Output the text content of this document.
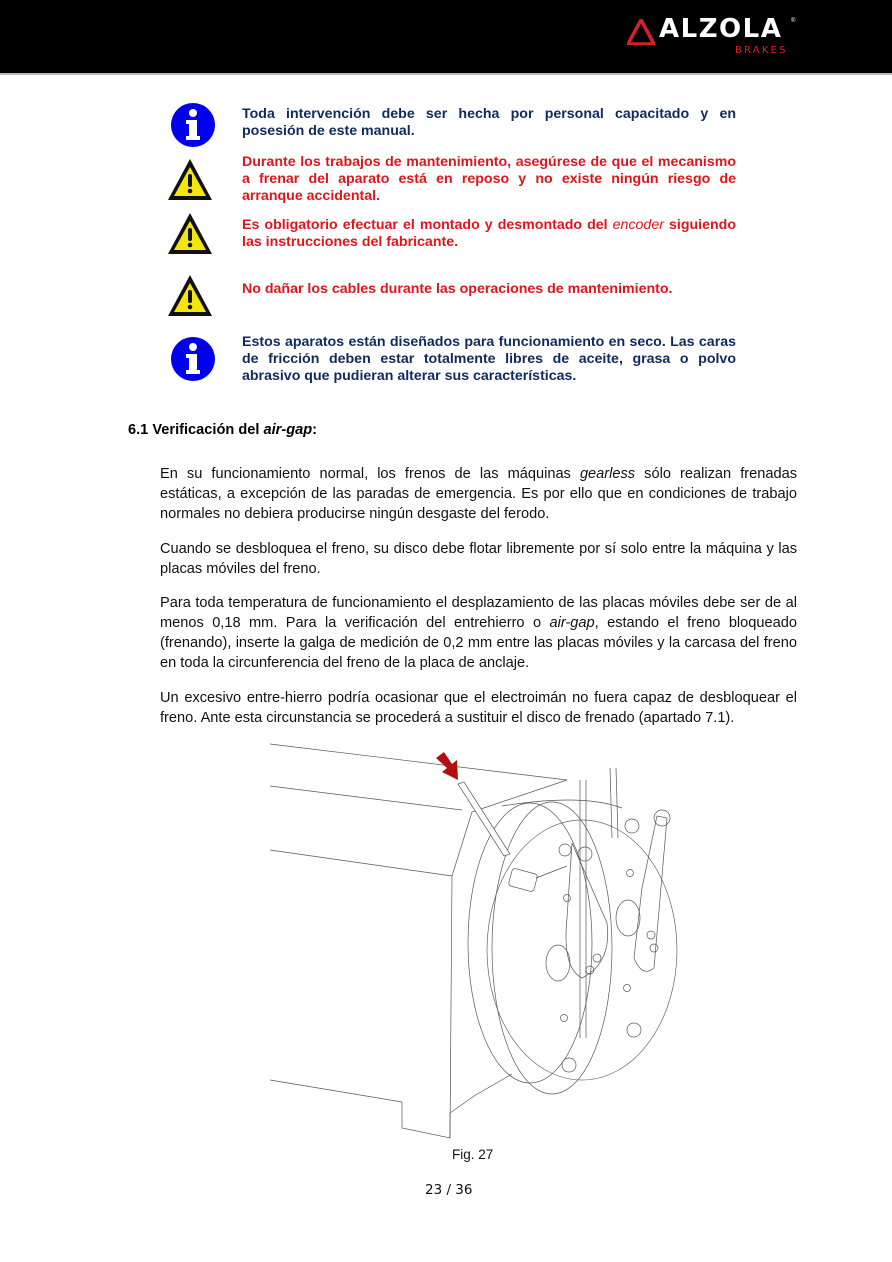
ALZOLA ®
BRAKES
Toda intervención debe ser hecha por personal capacitado y en posesión de este manual.
Durante los trabajos de mantenimiento, asegúrese de que el mecanismo a frenar del aparato está en reposo y no existe ningún riesgo de arranque accidental.
Es obligatorio efectuar el montado y desmontado del encoder siguiendo las instrucciones del fabricante.
No dañar los cables durante las operaciones de mantenimiento.
Estos aparatos están diseñados para funcionamiento en seco. Las caras de fricción deben estar totalmente libres de aceite, grasa o polvo abrasivo que pudieran alterar sus características.
6.1 Verificación del air-gap:
En su funcionamiento normal, los frenos de las máquinas gearless sólo realizan frenadas estáticas, a excepción de las paradas de emergencia. Es por ello que en condiciones de trabajo normales no debiera producirse ningún desgaste del ferodo.
Cuando se desbloquea el freno, su disco debe flotar libremente por sí solo entre la máquina y las placas móviles del freno.
Para toda temperatura de funcionamiento el desplazamiento de las placas móviles debe ser de al menos 0,18 mm. Para la verificación del entrehierro o air-gap, estando el freno bloqueado (frenando), inserte la galga de medición de 0,2 mm entre las placas móviles y la carcasa del freno en toda la circunferencia del freno de la placa de anclaje.
Un excesivo entre-hierro podría ocasionar que el electroimán no fuera capaz de desbloquear el freno. Ante esta circunstancia se procederá a sustituir el disco de frenado (apartado 7.1).
Fig. 27
23 / 36
